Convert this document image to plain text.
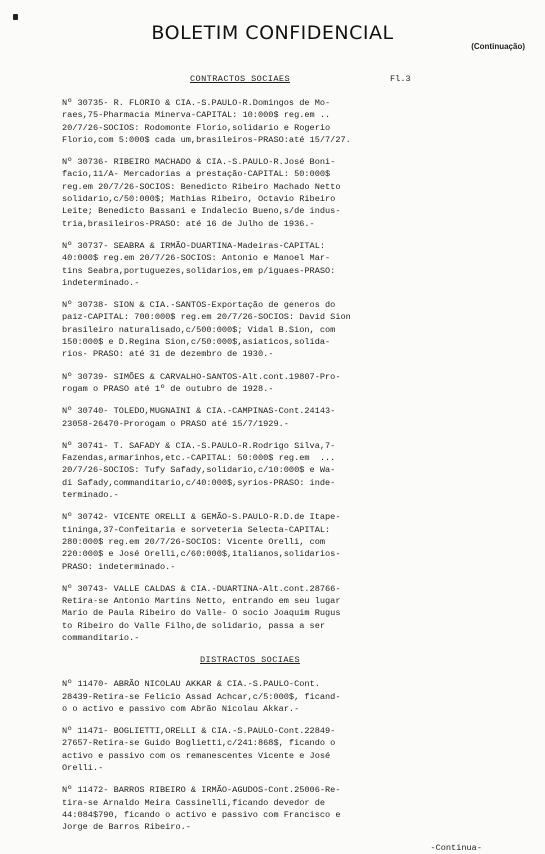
BOLETIM CONFIDENCIAL
(Continuação)
CONTRACTOS SOCIAES	Fl.3
Nº 30735- R. FLORIO & CIA.-S.PAULO-R.Domingos de Mo-
raes,75-Pharmacia Minerva-CAPITAL: 10:000$ reg.em ..
20/7/26-SOCIOS: Rodomonte Florio,solidario e Rogerio
Florio,com 5:000$ cada um,brasileiros-PRASO:até 15/7/27.
Nº 30736- RIBEIRO MACHADO & CIA.-S.PAULO-R.José Boni-
facio,11/A- Mercadorias a prestação-CAPITAL: 50:000$
reg.em 20/7/26-SOCIOS: Benedicto Ribeiro Machado Netto
solidario,c/50:000$; Mathias Ribeiro, Octavio Ribeiro
Leite; Benedicto Bassani e Indalecio Bueno,s/de indus-
tria,brasileiros-PRASO: até 16 de Julho de 1936.-
Nº 30737- SEABRA & IRMÃO-DUARTINA-Madeiras-CAPITAL:
40:000$ reg.em 20/7/26-SOCIOS: Antonio e Manoel Mar-
tins Seabra,portuguezes,solidarios,em p/iguaes-PRASO:
indeterminado.-
Nº 30738- SION & CIA.-SANTOS-Exportação de generos do
paiz-CAPITAL: 700:000$ reg.em 20/7/26-SOCIOS: David Sion
brasileiro naturalisado,c/500:000$; Vidal B.Sion, com
150:000$ e D.Regina Sion,c/50:000$,asiaticos,solida-
rios- PRASO: até 31 de dezembro de 1930.-
Nº 30739- SIMÕES & CARVALHO-SANTOS-Alt.cont.19807-Pro-
rogam o PRASO até 1º de outubro de 1928.-
Nº 30740- TOLEDO,MUGNAINI & CIA.-CAMPINAS-Cont.24143-
23058-26470-Prorogam o PRASO até 15/7/1929.-
Nº 30741- T. SAFADY & CIA.-S.PAULO-R.Rodrigo Silva,7-
Fazendas,armarinhos,etc.-CAPITAL: 50:000$ reg.em  ...
20/7/26-SOCIOS: Tufy Safady,solidario,c/10:000$ e Wa-
di Safady,commanditario,c/40:000$,syrios-PRASO: inde-
terminado.-
Nº 30742- VICENTE ORELLI & GEMÃO-S.PAULO-R.D.de Itape-
tininga,37-Confeitaria e sorveteria Selecta-CAPITAL:
280:000$ reg.em 20/7/26-SOCIOS: Vicente Orelli, com
220:000$ e José Orelli,c/60:000$,italianos,solidarios-
PRASO: indeterminado.-
Nº 30743- VALLE CALDAS & CIA.-DUARTINA-Alt.cont.28766-
Retira-se Antonio Martins Netto, entrando em seu lugar
Mario de Paula Ribeiro do Valle- O socio Joaquim Rugus
to Ribeiro do Valle Filho,de solidario, passa a ser
commanditario.-
DISTRACTOS SOCIAES
Nº 11470- ABRÃO NICOLAU AKKAR & CIA.-S.PAULO-Cont.
28439-Retira-se Felicio Assad Achcar,c/5:000$, ficand-
o o activo e passivo com Abrão Nicolau Akkar.-
Nº 11471- BOGLIETTI,ORELLI & CIA.-S.PAULO-Cont.22849-
27657-Retira-se Guido Boglietti,c/241:868$, ficando o
activo e passivo com os remanescentes Vicente e José
Orelli.-
Nº 11472- BARROS RIBEIRO & IRMÃO-AGUDOS-Cont.25006-Re-
tira-se Arnaldo Meira Cassinelli,ficando devedor de
44:084$790, ficando o activo e passivo com Francisco e
Jorge de Barros Ribeiro.-
-Continua-
